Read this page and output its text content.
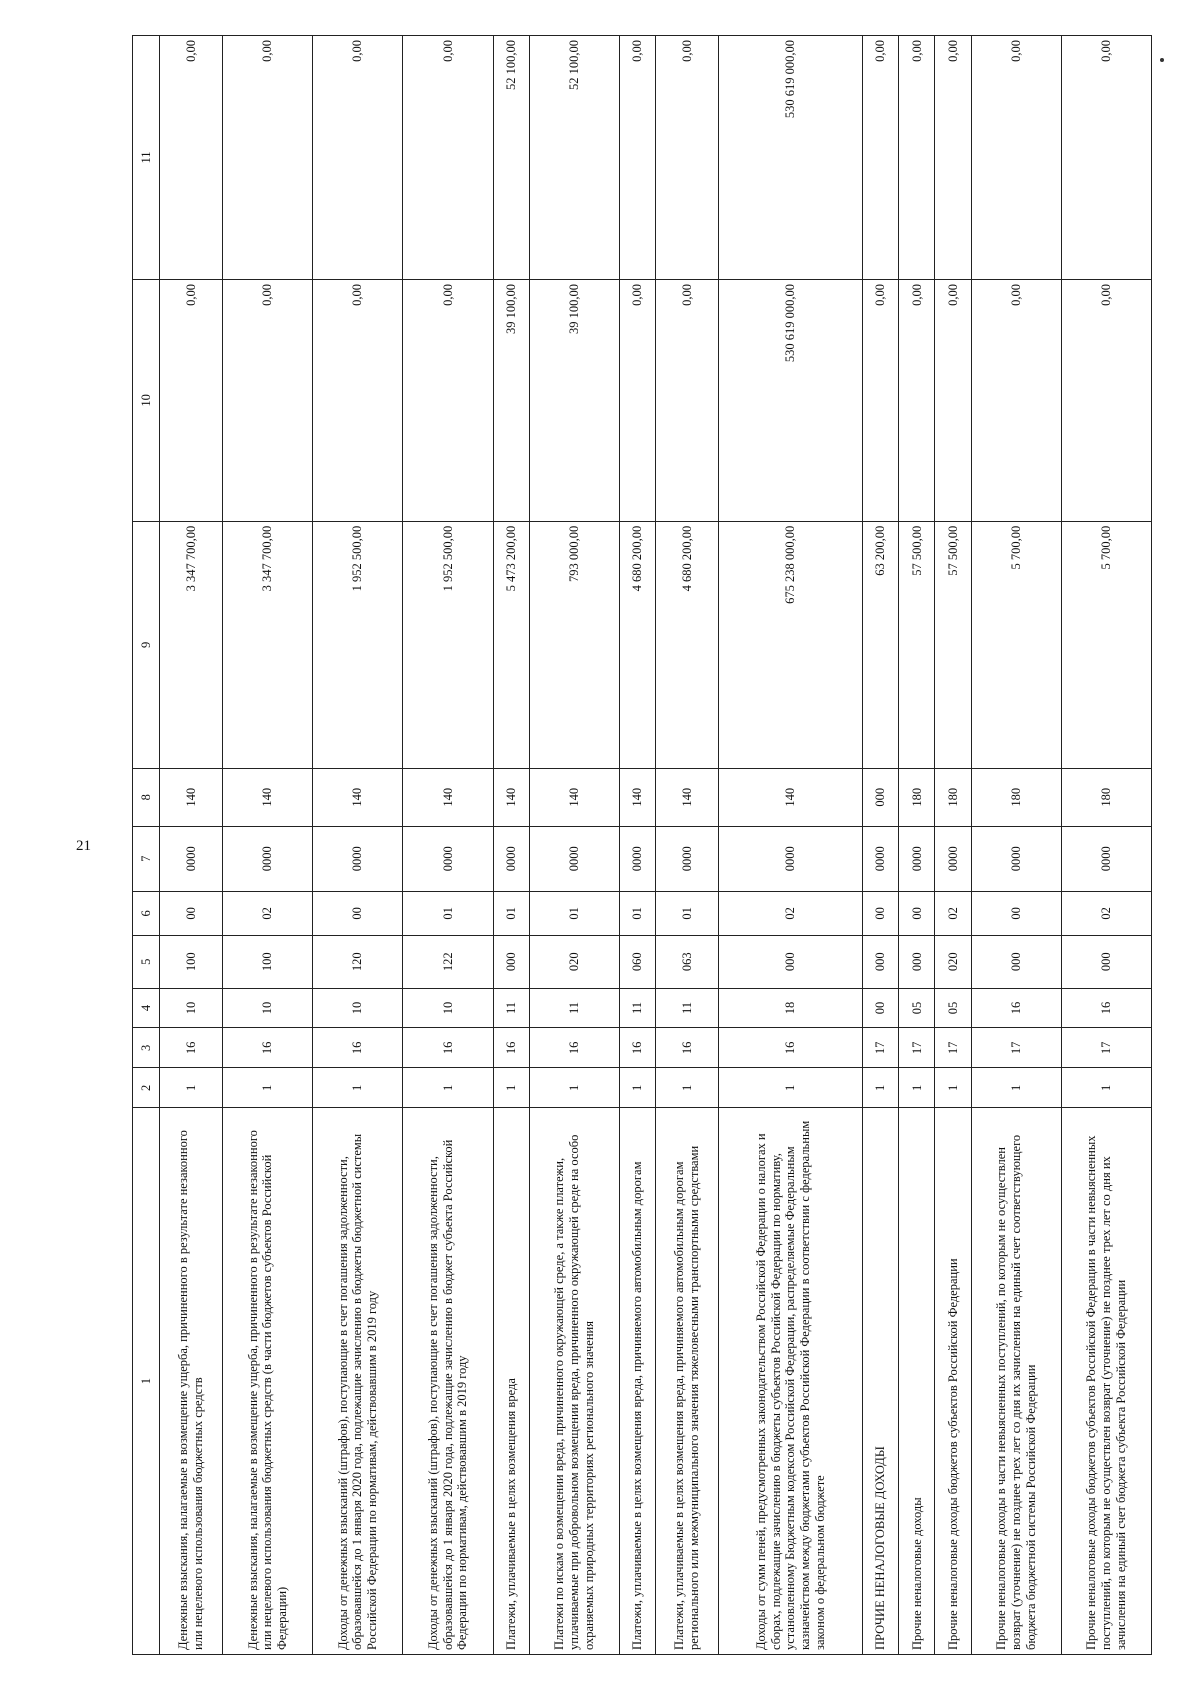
21
1	2	3	4	5	6	7	8	9	10	11
Денежные взыскания, налагаемые в возмещение ущерба, причиненного в результате незаконного или нецелевого использования бюджетных средств	1	16	10	100	00	0000	140	3 347 700,00	0,00	0,00
Денежные взыскания, налагаемые в возмещение ущерба, причиненного в результате незаконного или нецелевого использования бюджетных средств (в части бюджетов субъектов Российской Федерации)	1	16	10	100	02	0000	140	3 347 700,00	0,00	0,00
Доходы от денежных взысканий (штрафов), поступающие в счет погашения задолженности, образовавшейся до 1 января 2020 года, подлежащие зачислению в бюджеты бюджетной системы Российской Федерации по нормативам, действовавшим в 2019 году	1	16	10	120	00	0000	140	1 952 500,00	0,00	0,00
Доходы от денежных взысканий (штрафов), поступающие в счет погашения задолженности, образовавшейся до 1 января 2020 года, подлежащие зачислению в бюджет субъекта Российской Федерации по нормативам, действовавшим в 2019 году	1	16	10	122	01	0000	140	1 952 500,00	0,00	0,00
Платежи, уплачиваемые в целях возмещения вреда	1	16	11	000	01	0000	140	5 473 200,00	39 100,00	52 100,00
Платежи по искам о возмещении вреда, причиненного окружающей среде, а также платежи, уплачиваемые при добровольном возмещении вреда, причиненного окружающей среде на особо охраняемых природных территориях регионального значения	1	16	11	020	01	0000	140	793 000,00	39 100,00	52 100,00
Платежи, уплачиваемые в целях возмещения вреда, причиняемого автомобильным дорогам	1	16	11	060	01	0000	140	4 680 200,00	0,00	0,00
Платежи, уплачиваемые в целях возмещения вреда, причиняемого автомобильным дорогам регионального или межмуниципального значения тяжеловесными транспортными средствами	1	16	11	063	01	0000	140	4 680 200,00	0,00	0,00
Доходы от сумм пеней, предусмотренных законодательством Российской Федерации о налогах и сборах, подлежащие зачислению в бюджеты субъектов Российской Федерации по нормативу, установленному Бюджетным кодексом Российской Федерации, распределяемые Федеральным казначейством между бюджетами субъектов Российской Федерации в соответствии с федеральным законом о федеральном бюджете	1	16	18	000	02	0000	140	675 238 000,00	530 619 000,00	530 619 000,00
ПРОЧИЕ НЕНАЛОГОВЫЕ ДОХОДЫ	1	17	00	000	00	0000	000	63 200,00	0,00	0,00
Прочие неналоговые доходы	1	17	05	000	00	0000	180	57 500,00	0,00	0,00
Прочие неналоговые доходы бюджетов субъектов Российской Федерации	1	17	05	020	02	0000	180	57 500,00	0,00	0,00
Прочие неналоговые доходы в части невыясненных поступлений, по которым не осуществлен возврат (уточнение) не позднее трех лет со дня их зачисления на единый счет соответствующего бюджета бюджетной системы Российской Федерации	1	17	16	000	00	0000	180	5 700,00	0,00	0,00
Прочие неналоговые доходы бюджетов субъектов Российской Федерации в части невыясненных поступлений, по которым не осуществлен возврат (уточнение) не позднее трех лет со дня их зачисления на единый счет бюджета субъекта Российской Федерации	1	17	16	000	02	0000	180	5 700,00	0,00	0,00
